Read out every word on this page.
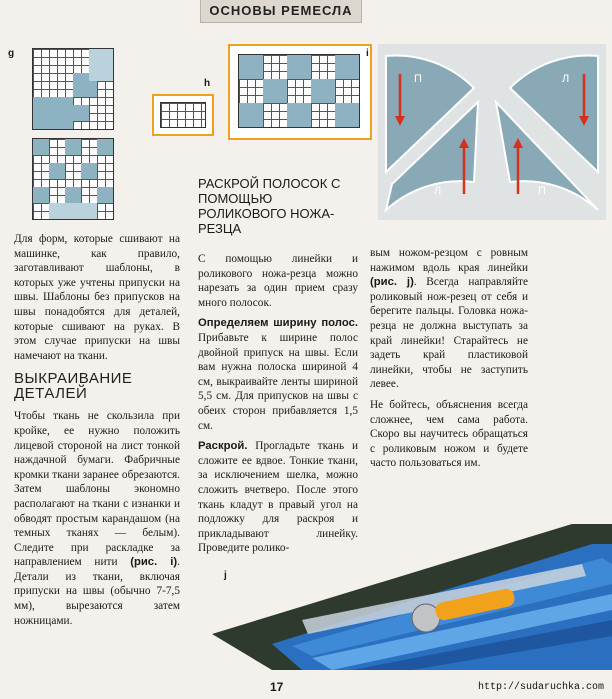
ОСНОВЫ РЕМЕСЛА
g
h
i
П	Л
П
Л

Для форм, которые сшивают на машинке, как правило, заготавливают шаблоны, в которых уже учтены припуски на швы. Шаблоны без припусков на швы понадобятся для деталей, которые сшивают на руках. В этом случае припуски на швы намечают на ткани.

ВЫКРАИВАНИЕ ДЕТАЛЕЙ

Чтобы ткань не скользила при кройке, ее нужно положить лицевой стороной на лист тонкой наждачной бумаги. Фабричные кромки ткани заранее обрезаются. Затем шаблоны экономно располагают на ткани с изнанки и обводят простым карандашом (на темных тканях — белым). Следите при раскладке за направлением нити (рис. i). Детали из ткани, включая припуски на швы (обычно 7-7,5 мм), вырезаются затем ножницами.

РАСКРОЙ ПОЛОСОК С ПОМОЩЬЮ РОЛИКОВОГО НОЖА-РЕЗЦА

С помощью линейки и роликового ножа-резца можно нарезать за один прием сразу много полосок.

Определяем ширину полос. Прибавьте к ширине полос двойной припуск на швы. Если вам нужна полоска шириной 4 см, выкраивайте ленты шириной 5,5 см. Для припусков на швы с обеих сторон прибавляется 1,5 см.

Раскрой. Прогладьте ткань и сложите ее вдвое. Тонкие ткани, за исключением шелка, можно сложить вчетверо. После этого ткань кладут в правый угол на подложку для раскроя и прикладывают линейку. Проведите ролико-

вым ножом-резцом с ровным нажимом вдоль края линейки (рис. j). Всегда направляйте роликовый нож-резец от себя и берегите пальцы. Головка ножа-резца не должна выступать за край линейки! Старайтесь не задеть край пластиковой линейки, чтобы не заступить левее.

Не бойтесь, объяснения всегда сложнее, чем сама работа. Скоро вы научитесь обращаться с роликовым ножом и будете часто пользоваться им.

j
17	http://sudaruchka.com
